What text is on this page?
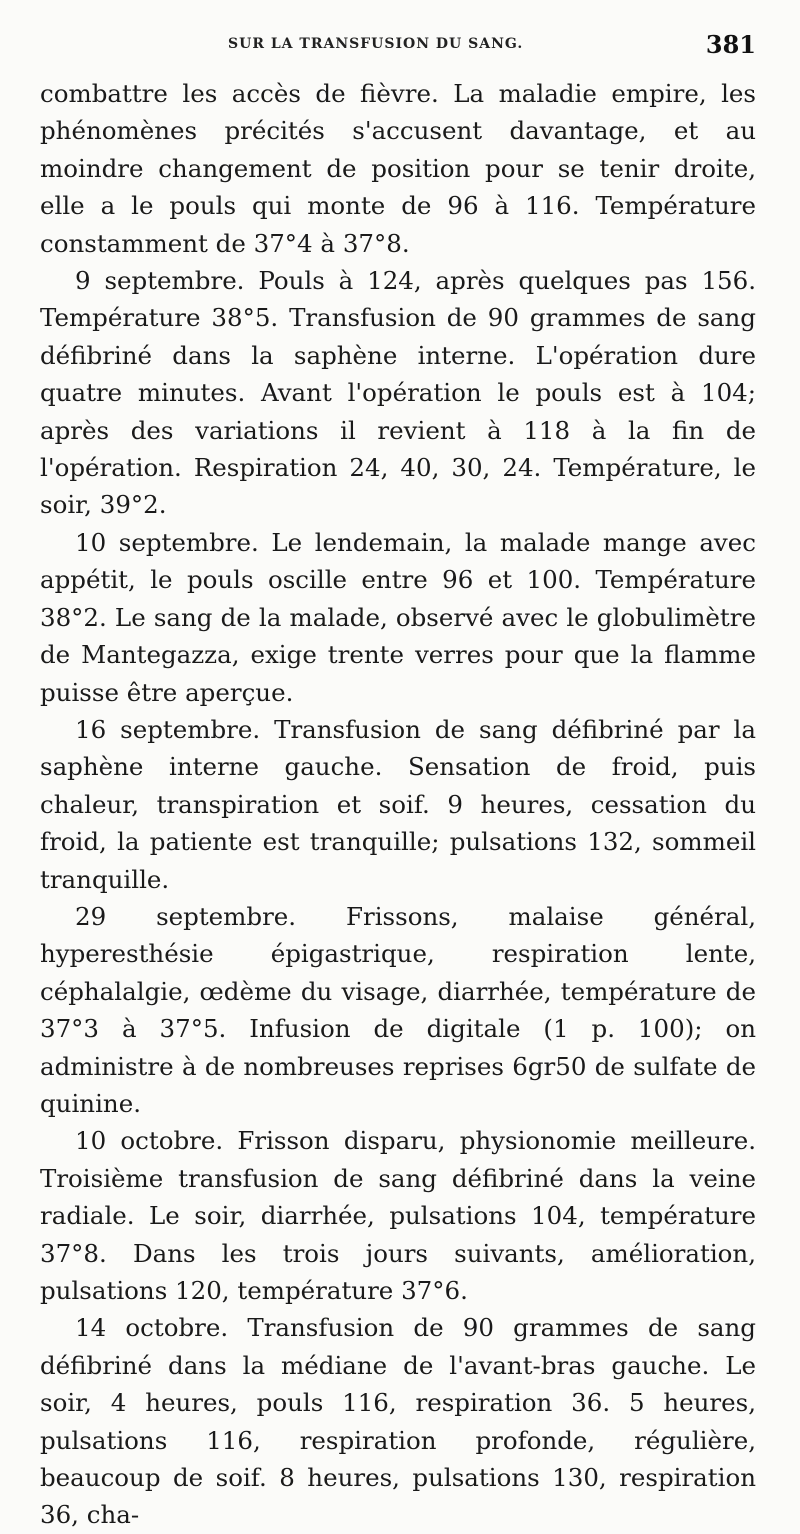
SUR LA TRANSFUSION DU SANG.	381

combattre les accès de fièvre. La maladie empire, les phénomènes précités s'accusent davantage, et au moindre changement de position pour se tenir droite, elle a le pouls qui monte de 96 à 116. Température constamment de 37°4 à 37°8.

9 septembre. Pouls à 124, après quelques pas 156. Température 38°5. Transfusion de 90 grammes de sang défibriné dans la saphène interne. L'opération dure quatre minutes. Avant l'opération le pouls est à 104; après des variations il revient à 118 à la fin de l'opération. Respiration 24, 40, 30, 24. Température, le soir, 39°2.

10 septembre. Le lendemain, la malade mange avec appétit, le pouls oscille entre 96 et 100. Température 38°2. Le sang de la malade, observé avec le globulimètre de Mantegazza, exige trente verres pour que la flamme puisse être aperçue.

16 septembre. Transfusion de sang défibriné par la saphène interne gauche. Sensation de froid, puis chaleur, transpiration et soif. 9 heures, cessation du froid, la patiente est tranquille; pulsations 132, sommeil tranquille.

29 septembre. Frissons, malaise général, hyperesthésie épigastrique, respiration lente, céphalalgie, œdème du visage, diarrhée, température de 37°3 à 37°5. Infusion de digitale (1 p. 100); on administre à de nombreuses reprises 6gr50 de sulfate de quinine.

10 octobre. Frisson disparu, physionomie meilleure. Troisième transfusion de sang défibriné dans la veine radiale. Le soir, diarrhée, pulsations 104, température 37°8. Dans les trois jours suivants, amélioration, pulsations 120, température 37°6.

14 octobre. Transfusion de 90 grammes de sang défibriné dans la médiane de l'avant-bras gauche. Le soir, 4 heures, pouls 116, respiration 36. 5 heures, pulsations 116, respiration profonde, régulière, beaucoup de soif. 8 heures, pulsations 130, respiration 36, cha-
